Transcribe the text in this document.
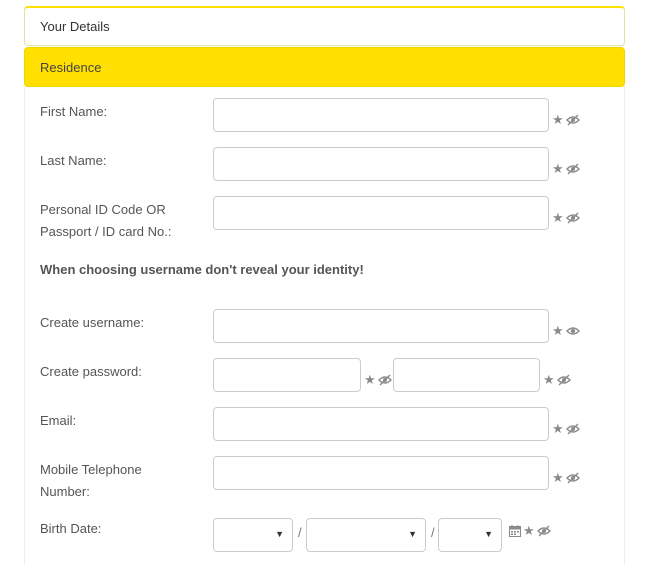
Your Details
Residence
First Name:
★
Last Name:
★
Personal ID Code OR
Passport / ID card No.:
★
When choosing username don't reveal your identity!
Create username:
★
Create password:
★	★
Email:
★
Mobile Telephone
Number:
★
Birth Date:	▼ /	▼ /	▼ ★
